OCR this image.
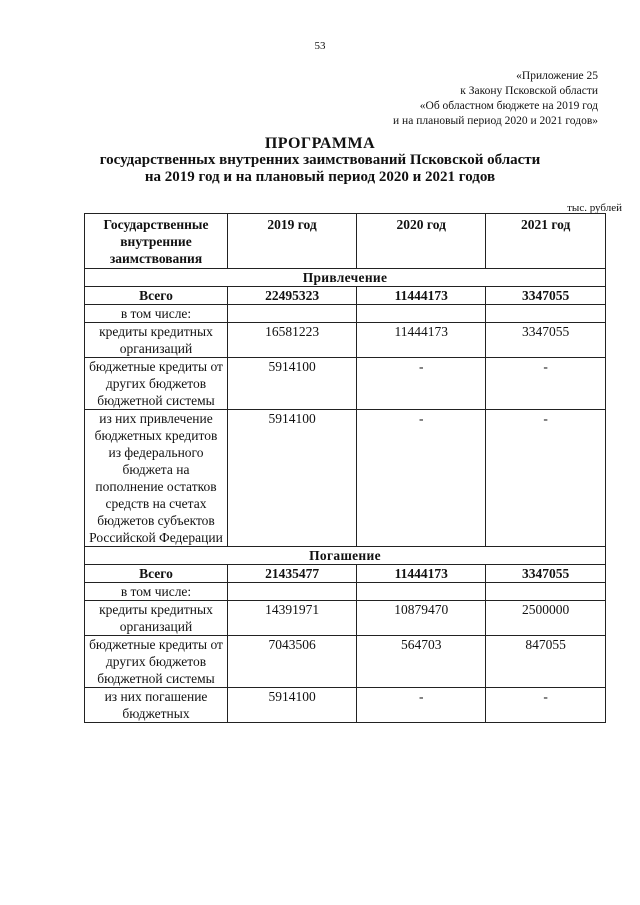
53
«Приложение 25
к Закону Псковской области
«Об областном бюджете на 2019 год
и на плановый период 2020 и 2021 годов»
ПРОГРАММА
государственных внутренних заимствований Псковской области
на 2019 год и на плановый период 2020 и 2021 годов
тыс. рублей
Государственные внутренние заимствования	2019 год	2020 год	2021 год
Привлечение			
Всего	22495323	11444173	3347055
в том числе:			
кредиты кредитных организаций	16581223	11444173	3347055
бюджетные кредиты от других бюджетов бюджетной системы	5914100	-	-
из них привлечение бюджетных кредитов из федерального бюджета на пополнение остатков средств на счетах бюджетов субъектов Российской Федерации	5914100	-	-
Погашение			
Всего	21435477	11444173	3347055
в том числе:			
кредиты кредитных организаций	14391971	10879470	2500000
бюджетные кредиты от других бюджетов бюджетной системы	7043506	564703	847055
из них погашение бюджетных	5914100	-	-
